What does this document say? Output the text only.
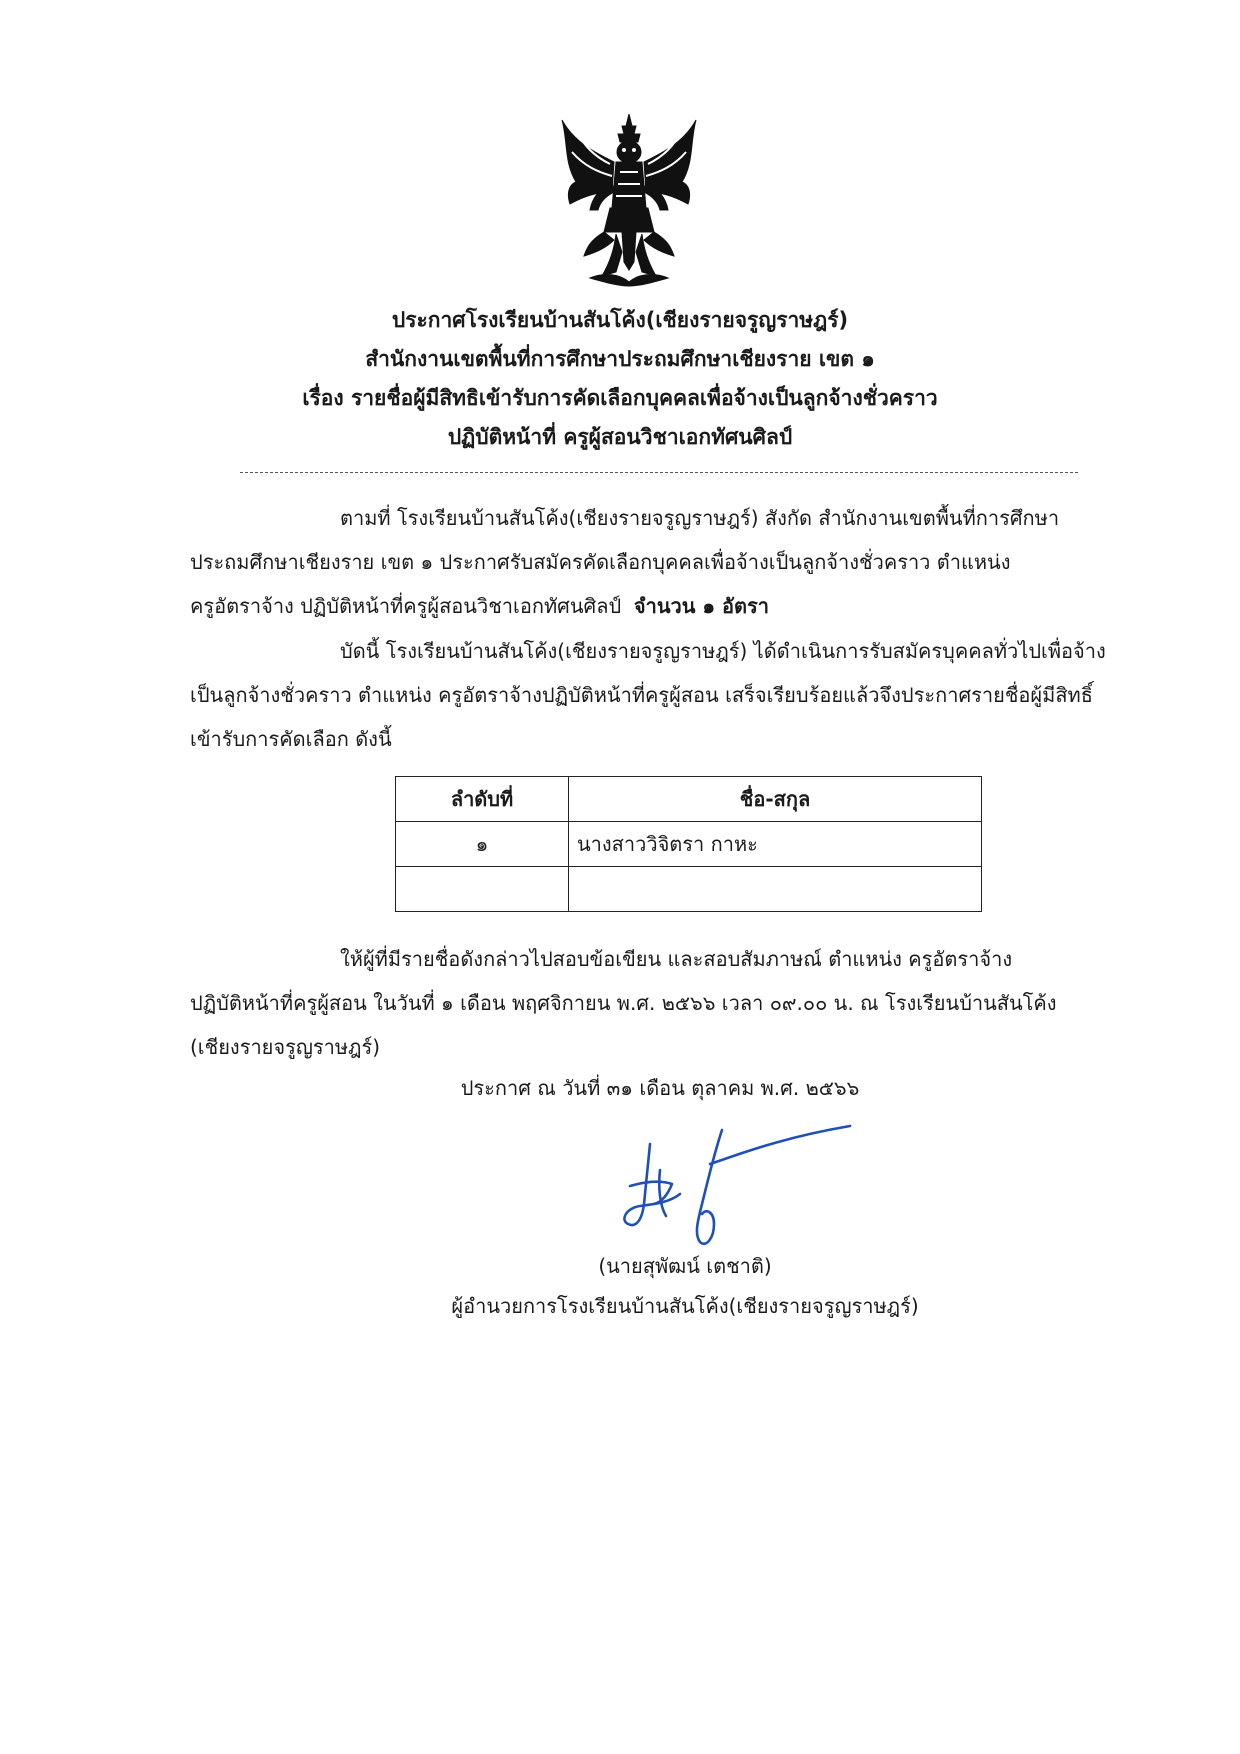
ประกาศโรงเรียนบ้านสันโค้ง(เชียงรายจรูญราษฎร์)
สำนักงานเขตพื้นที่การศึกษาประถมศึกษาเชียงราย เขต ๑
เรื่อง รายชื่อผู้มีสิทธิเข้ารับการคัดเลือกบุคคลเพื่อจ้างเป็นลูกจ้างชั่วคราว
ปฏิบัติหน้าที่ ครูผู้สอนวิชาเอกทัศนศิลป์

ตามที่ โรงเรียนบ้านสันโค้ง(เชียงรายจรูญราษฎร์) สังกัด สำนักงานเขตพื้นที่การศึกษา

ประถมศึกษาเชียงราย เขต ๑ ประกาศรับสมัครคัดเลือกบุคคลเพื่อจ้างเป็นลูกจ้างชั่วคราว ตำแหน่ง

ครูอัตราจ้าง ปฏิบัติหน้าที่ครูผู้สอนวิชาเอกทัศนศิลป์ จำนวน ๑ อัตรา

บัดนี้ โรงเรียนบ้านสันโค้ง(เชียงรายจรูญราษฎร์) ได้ดำเนินการรับสมัครบุคคลทั่วไปเพื่อจ้าง

เป็นลูกจ้างชั่วคราว ตำแหน่ง ครูอัตราจ้างปฏิบัติหน้าที่ครูผู้สอน เสร็จเรียบร้อยแล้วจึงประกาศรายชื่อผู้มีสิทธิ์

เข้ารับการคัดเลือก ดังนี้

ลำดับที่	ชื่อ-สกุล
๑	นางสาววิจิตรา กาหะ

ให้ผู้ที่มีรายชื่อดังกล่าวไปสอบข้อเขียน และสอบสัมภาษณ์ ตำแหน่ง ครูอัตราจ้าง

ปฏิบัติหน้าที่ครูผู้สอน ในวันที่ ๑ เดือน พฤศจิกายน พ.ศ. ๒๕๖๖ เวลา ๐๙.๐๐ น. ณ โรงเรียนบ้านสันโค้ง

(เชียงรายจรูญราษฎร์)

ประกาศ ณ วันที่ ๓๑ เดือน ตุลาคม พ.ศ. ๒๕๖๖
(นายสุพัฒน์ เตชาติ)
ผู้อำนวยการโรงเรียนบ้านสันโค้ง(เชียงรายจรูญราษฎร์)
